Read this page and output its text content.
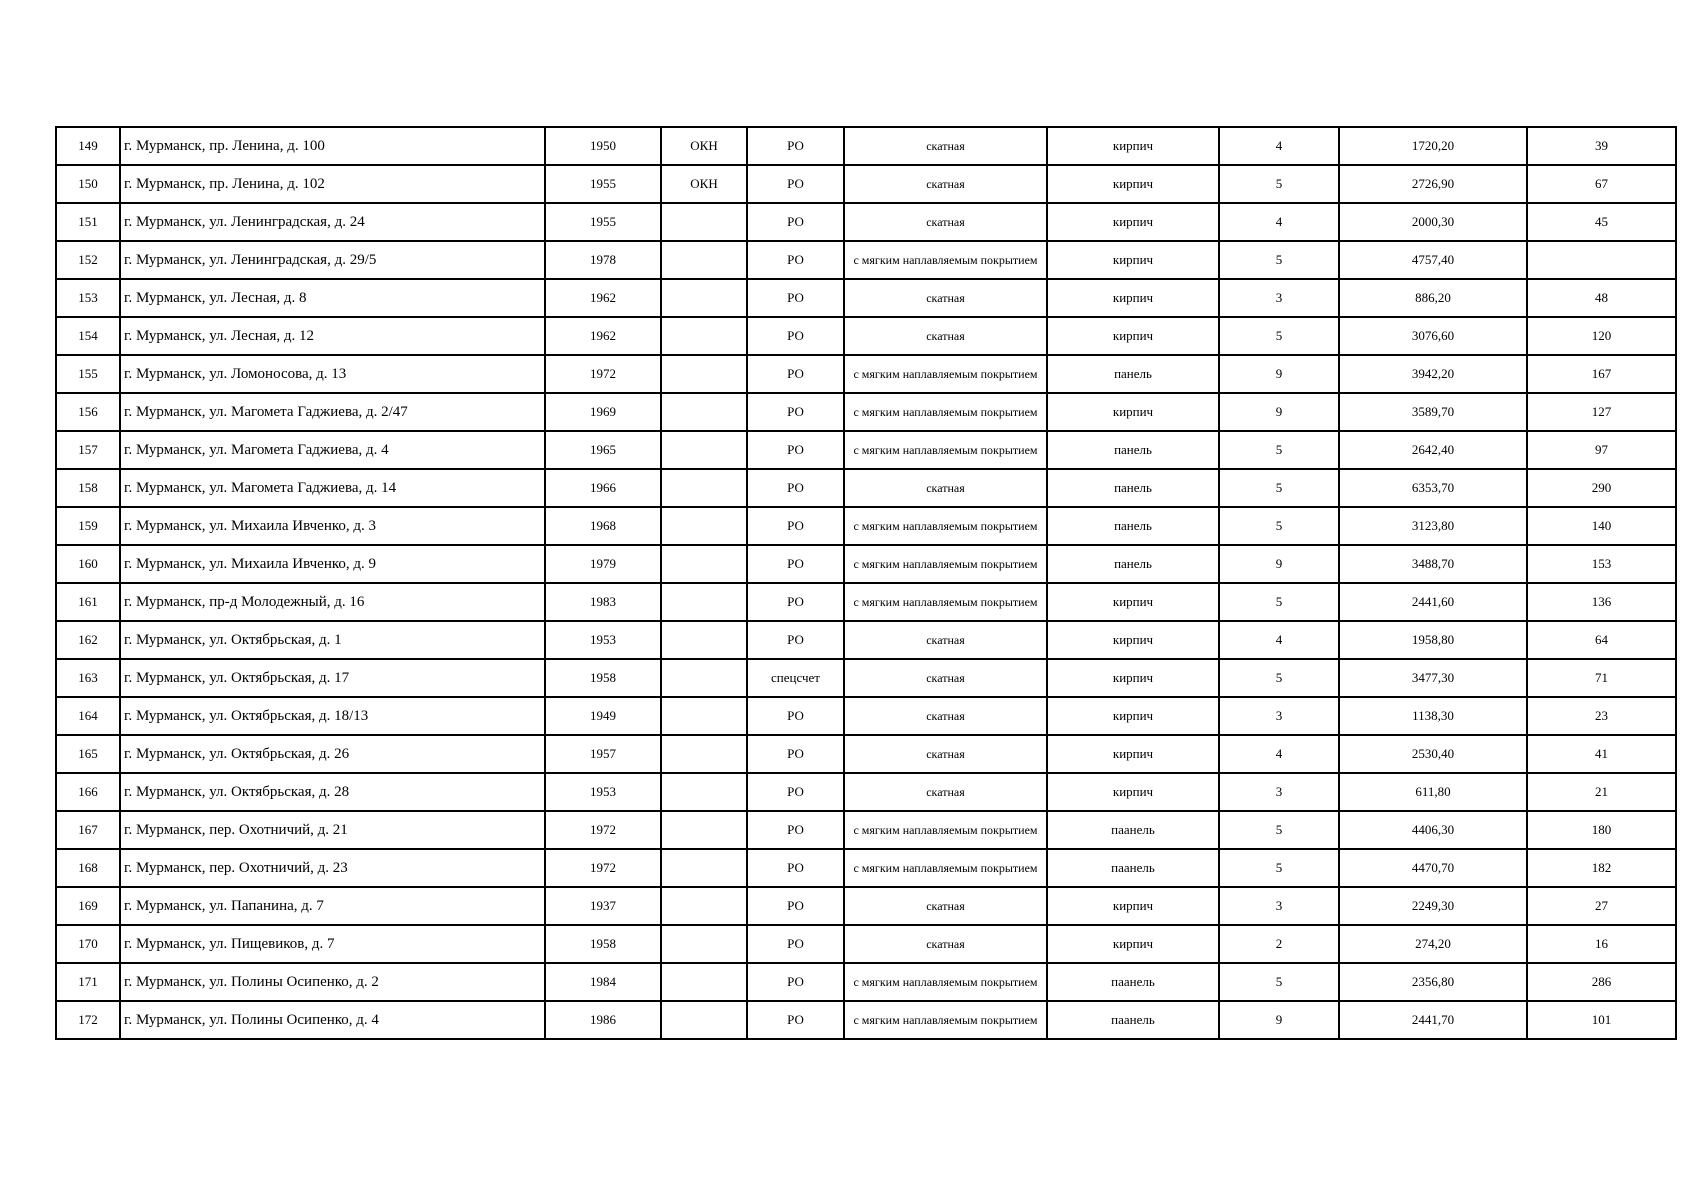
149	г. Мурманск, пр. Ленина, д. 100	1950	ОКН	РО	скатная	кирпич	4	1720,20	39
150	г. Мурманск, пр. Ленина, д. 102	1955	ОКН	РО	скатная	кирпич	5	2726,90	67
151	г. Мурманск, ул. Ленинградская, д. 24	1955		РО	скатная	кирпич	4	2000,30	45
152	г. Мурманск, ул. Ленинградская, д. 29/5	1978		РО	с мягким наплавляемым покрытием	кирпич	5	4757,40	
153	г. Мурманск, ул. Лесная, д. 8	1962		РО	скатная	кирпич	3	886,20	48
154	г. Мурманск, ул. Лесная, д. 12	1962		РО	скатная	кирпич	5	3076,60	120
155	г. Мурманск, ул. Ломоносова, д. 13	1972		РО	с мягким наплавляемым покрытием	панель	9	3942,20	167
156	г. Мурманск, ул. Магомета Гаджиева, д. 2/47	1969		РО	с мягким наплавляемым покрытием	кирпич	9	3589,70	127
157	г. Мурманск, ул. Магомета Гаджиева, д. 4	1965		РО	с мягким наплавляемым покрытием	панель	5	2642,40	97
158	г. Мурманск, ул. Магомета Гаджиева, д. 14	1966		РО	скатная	панель	5	6353,70	290
159	г. Мурманск, ул. Михаила Ивченко, д. 3	1968		РО	с мягким наплавляемым покрытием	панель	5	3123,80	140
160	г. Мурманск, ул. Михаила Ивченко, д. 9	1979		РО	с мягким наплавляемым покрытием	панель	9	3488,70	153
161	г. Мурманск, пр-д Молодежный, д. 16	1983		РО	с мягким наплавляемым покрытием	кирпич	5	2441,60	136
162	г. Мурманск, ул. Октябрьская, д. 1	1953		РО	скатная	кирпич	4	1958,80	64
163	г. Мурманск, ул. Октябрьская, д. 17	1958		спецсчет	скатная	кирпич	5	3477,30	71
164	г. Мурманск, ул. Октябрьская, д. 18/13	1949		РО	скатная	кирпич	3	1138,30	23
165	г. Мурманск, ул. Октябрьская, д. 26	1957		РО	скатная	кирпич	4	2530,40	41
166	г. Мурманск, ул. Октябрьская, д. 28	1953		РО	скатная	кирпич	3	611,80	21
167	г. Мурманск, пер. Охотничий, д. 21	1972		РО	с мягким наплавляемым покрытием	паанель	5	4406,30	180
168	г. Мурманск, пер. Охотничий, д. 23	1972		РО	с мягким наплавляемым покрытием	паанель	5	4470,70	182
169	г. Мурманск, ул. Папанина, д. 7	1937		РО	скатная	кирпич	3	2249,30	27
170	г. Мурманск, ул. Пищевиков, д. 7	1958		РО	скатная	кирпич	2	274,20	16
171	г. Мурманск, ул. Полины Осипенко, д. 2	1984		РО	с мягким наплавляемым покрытием	паанель	5	2356,80	286
172	г. Мурманск, ул. Полины Осипенко, д. 4	1986		РО	с мягким наплавляемым покрытием	паанель	9	2441,70	101
